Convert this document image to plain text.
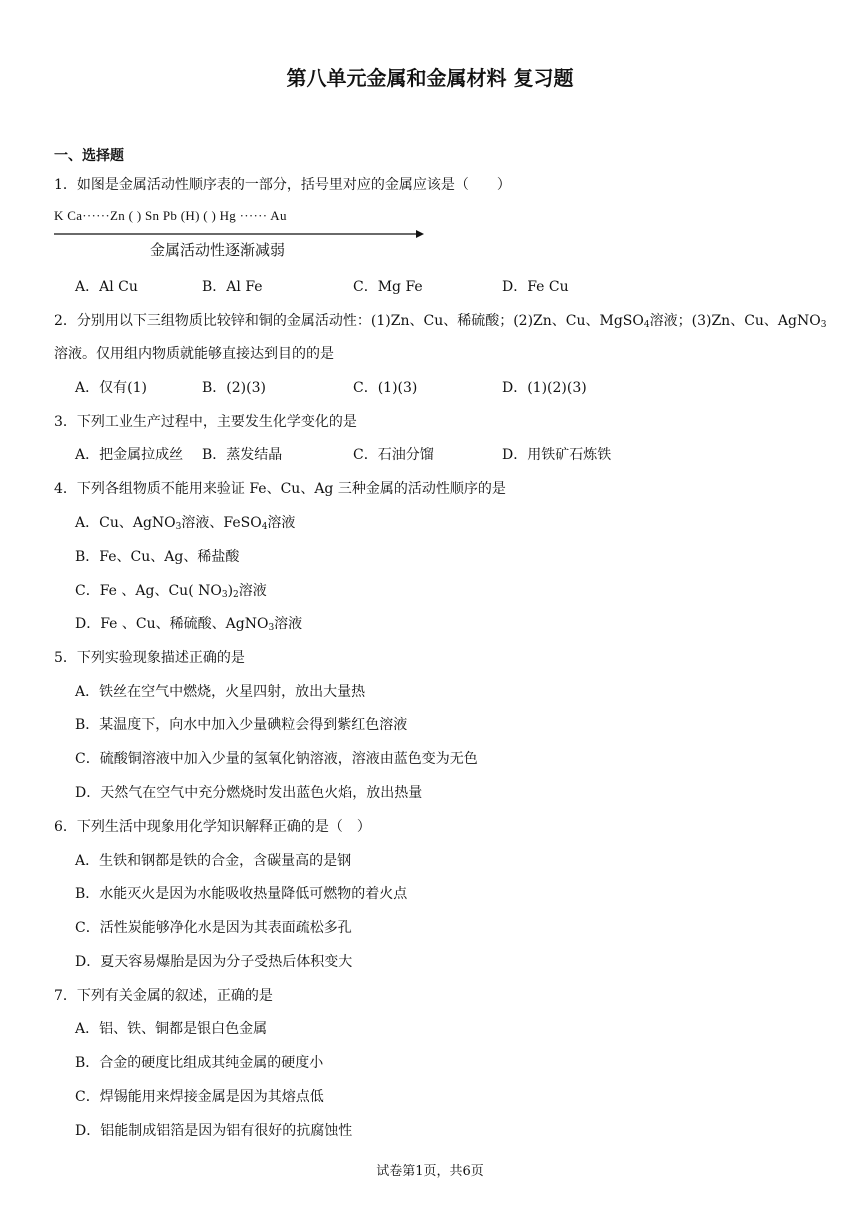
第八单元金属和金属材料 复习题
一、选择题
1．如图是金属活动性顺序表的一部分，括号里对应的金属应该是（　　）
K Ca······Zn ( ) Sn Pb (H) ( ) Hg ······ Au
金属活动性逐渐减弱
A．Al Cu	B．Al Fe	C．Mg Fe	D．Fe Cu
2．分别用以下三组物质比较锌和铜的金属活动性：(1)Zn、Cu、稀硫酸；(2)Zn、Cu、MgSO$_4$溶液；(3)Zn、Cu、AgNO$_3$
溶液。仅用组内物质就能够直接达到目的的是
A．仅有(1)	B．(2)(3)	C．(1)(3)	D．(1)(2)(3)
3．下列工业生产过程中，主要发生化学变化的是
A．把金属拉成丝 B．蒸发结晶	C．石油分馏	D．用铁矿石炼铁
4．下列各组物质不能用来验证 Fe、Cu、Ag 三种金属的活动性顺序的是
A．Cu、AgNO$_3$溶液、FeSO$_4$溶液
B．Fe、Cu、Ag、稀盐酸
C．Fe 、Ag、Cu( $NO_3)_2$溶液
D．Fe 、Cu、稀硫酸、AgNO$_3$溶液
5．下列实验现象描述正确的是
A．铁丝在空气中燃烧，火星四射，放出大量热
B．某温度下，向水中加入少量碘粒会得到紫红色溶液
C．硫酸铜溶液中加入少量的氢氧化钠溶液，溶液由蓝色变为无色
D．天然气在空气中充分燃烧时发出蓝色火焰，放出热量
6．下列生活中现象用化学知识解释正确的是（　）
A．生铁和钢都是铁的合金，含碳量高的是钢
B．水能灭火是因为水能吸收热量降低可燃物的着火点
C．活性炭能够净化水是因为其表面疏松多孔
D．夏天容易爆胎是因为分子受热后体积变大
7．下列有关金属的叙述，正确的是
A．铝、铁、铜都是银白色金属
B．合金的硬度比组成其纯金属的硬度小
C．焊锡能用来焊接金属是因为其熔点低
D．铝能制成铝箔是因为铝有很好的抗腐蚀性
试卷第1页，共6页
